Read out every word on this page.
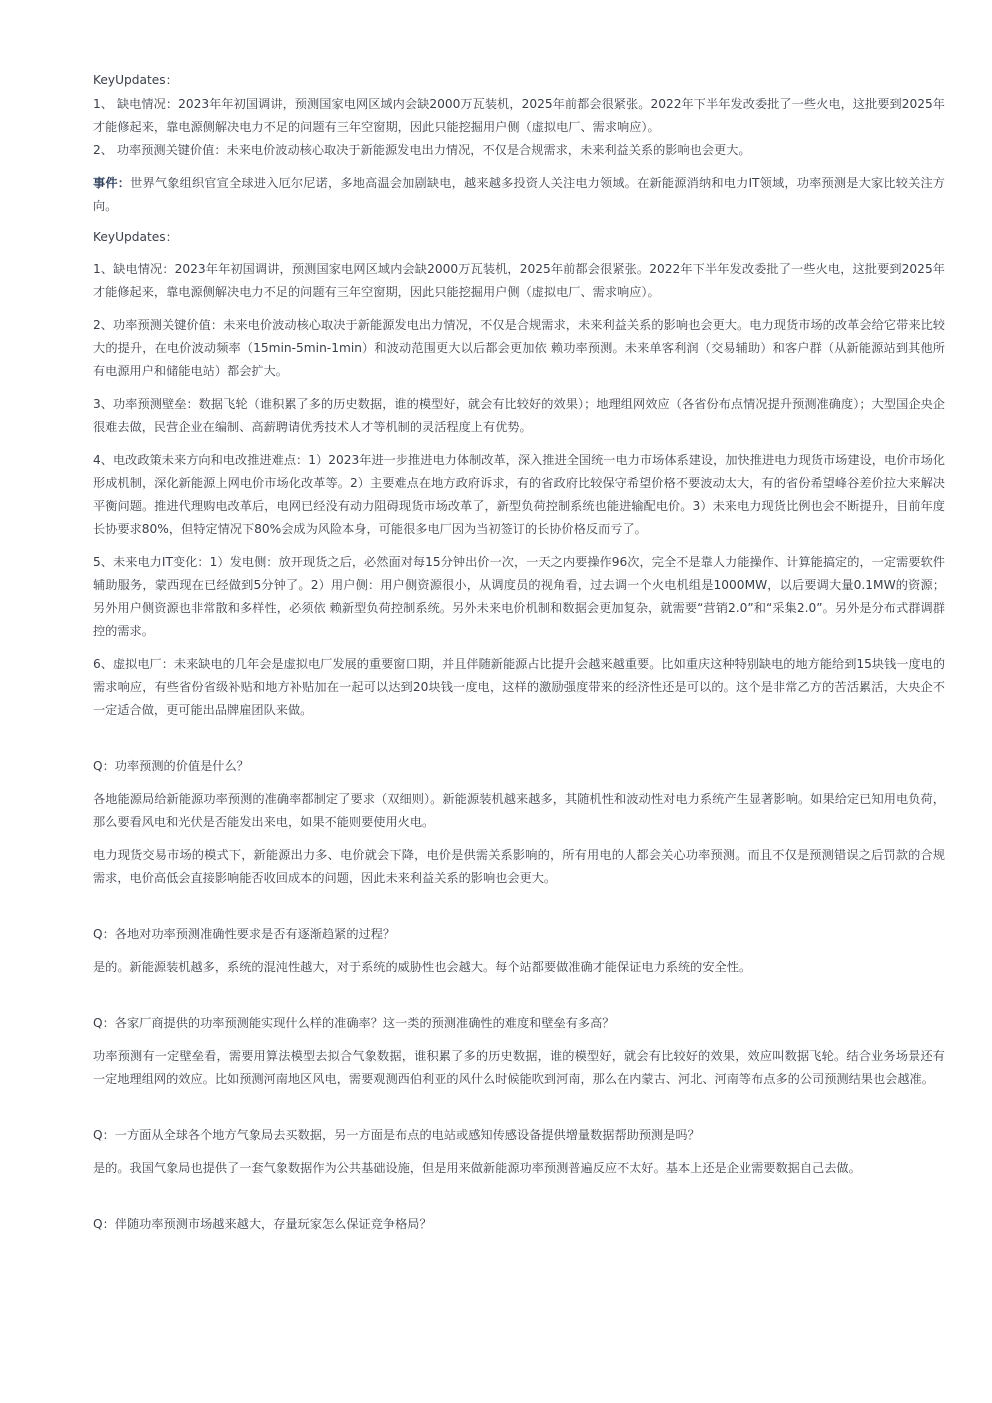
KeyUpdates：

1、 缺电情况：2023年年初国调讲，预测国家电网区域内会缺2000万瓦装机，2025年前都会很紧张。2022年下半年发改委批了一些火电，这批要到2025年才能修起来，靠电源侧解决电力不足的问题有三年空窗期，因此只能挖掘用户侧（虚拟电厂、需求响应）。

2、 功率预测关键价值：未来电价波动核心取决于新能源发电出力情况，不仅是合规需求，未来利益关系的影响也会更大。

事件：世界气象组织官宣全球进入厄尔尼诺，多地高温会加剧缺电，越来越多投资人关注电力领域。在新能源消纳和电力IT领域，功率预测是大家比较关注方向。

KeyUpdates：

1、缺电情况：2023年年初国调讲，预测国家电网区域内会缺2000万瓦装机，2025年前都会很紧张。2022年下半年发改委批了一些火电，这批要到2025年才能修起来，靠电源侧解决电力不足的问题有三年空窗期，因此只能挖掘用户侧（虚拟电厂、需求响应）。

2、功率预测关键价值：未来电价波动核心取决于新能源发电出力情况，不仅是合规需求，未来利益关系的影响也会更大。电力现货市场的改革会给它带来比较大的提升，在电价波动频率（15min-5min-1min）和波动范围更大以后都会更加依 赖功率预测。未来单客利润（交易辅助）和客户群（从新能源站到其他所有电源用户和储能电站）都会扩大。

3、功率预测壁垒：数据飞轮（谁积累了多的历史数据，谁的模型好，就会有比较好的效果）；地理组网效应（各省份布点情况提升预测准确度）；大型国企央企很难去做，民营企业在编制、高薪聘请优秀技术人才等机制的灵活程度上有优势。

4、电改政策未来方向和电改推进难点：1）2023年进一步推进电力体制改革，深入推进全国统一电力市场体系建设，加快推进电力现货市场建设，电价市场化形成机制，深化新能源上网电价市场化改革等。2）主要难点在地方政府诉求，有的省政府比较保守希望价格不要波动太大，有的省份希望峰谷差价拉大来解决平衡问题。推进代理购电改革后，电网已经没有动力阻碍现货市场改革了，新型负荷控制系统也能进输配电价。3）未来电力现货比例也会不断提升，目前年度长协要求80%，但特定情况下80%会成为风险本身，可能很多电厂因为当初签订的长协价格反而亏了。

5、未来电力IT变化：1）发电侧：放开现货之后，必然面对每15分钟出价一次，一天之内要操作96次，完全不是靠人力能操作、计算能搞定的，一定需要软件辅助服务，蒙西现在已经做到5分钟了。2）用户侧：用户侧资源很小，从调度员的视角看，过去调一个火电机组是1000MW，以后要调大量0.1MW的资源；另外用户侧资源也非常散和多样性，必须依 赖新型负荷控制系统。另外未来电价机制和数据会更加复杂，就需要“营销2.0”和“采集2.0”。另外是分布式群调群控的需求。

6、虚拟电厂：未来缺电的几年会是虚拟电厂发展的重要窗口期，并且伴随新能源占比提升会越来越重要。比如重庆这种特别缺电的地方能给到15块钱一度电的需求响应，有些省份省级补贴和地方补贴加在一起可以达到20块钱一度电，这样的激励强度带来的经济性还是可以的。这个是非常乙方的苦活累活，大央企不一定适合做，更可能出品牌雇团队来做。

Q：功率预测的价值是什么？

各地能源局给新能源功率预测的准确率都制定了要求（双细则）。新能源装机越来越多，其随机性和波动性对电力系统产生显著影响。如果给定已知用电负荷，那么要看风电和光伏是否能发出来电，如果不能则要使用火电。

电力现货交易市场的模式下，新能源出力多、电价就会下降，电价是供需关系影响的，所有用电的人都会关心功率预测。而且不仅是预测错误之后罚款的合规需求，电价高低会直接影响能否收回成本的问题，因此未来利益关系的影响也会更大。

Q：各地对功率预测准确性要求是否有逐渐趋紧的过程？

是的。新能源装机越多，系统的混沌性越大，对于系统的威胁性也会越大。每个站都要做准确才能保证电力系统的安全性。

Q：各家厂商提供的功率预测能实现什么样的准确率？这一类的预测准确性的难度和壁垒有多高？

功率预测有一定壁垒看，需要用算法模型去拟合气象数据，谁积累了多的历史数据，谁的模型好，就会有比较好的效果，效应叫数据飞轮。结合业务场景还有一定地理组网的效应。比如预测河南地区风电，需要观测西伯利亚的风什么时候能吹到河南，那么在内蒙古、河北、河南等布点多的公司预测结果也会越准。

Q：一方面从全球各个地方气象局去买数据，另一方面是布点的电站或感知传感设备提供增量数据帮助预测是吗？

是的。我国气象局也提供了一套气象数据作为公共基础设施，但是用来做新能源功率预测普遍反应不太好。基本上还是企业需要数据自己去做。

Q：伴随功率预测市场越来越大，存量玩家怎么保证竞争格局？
